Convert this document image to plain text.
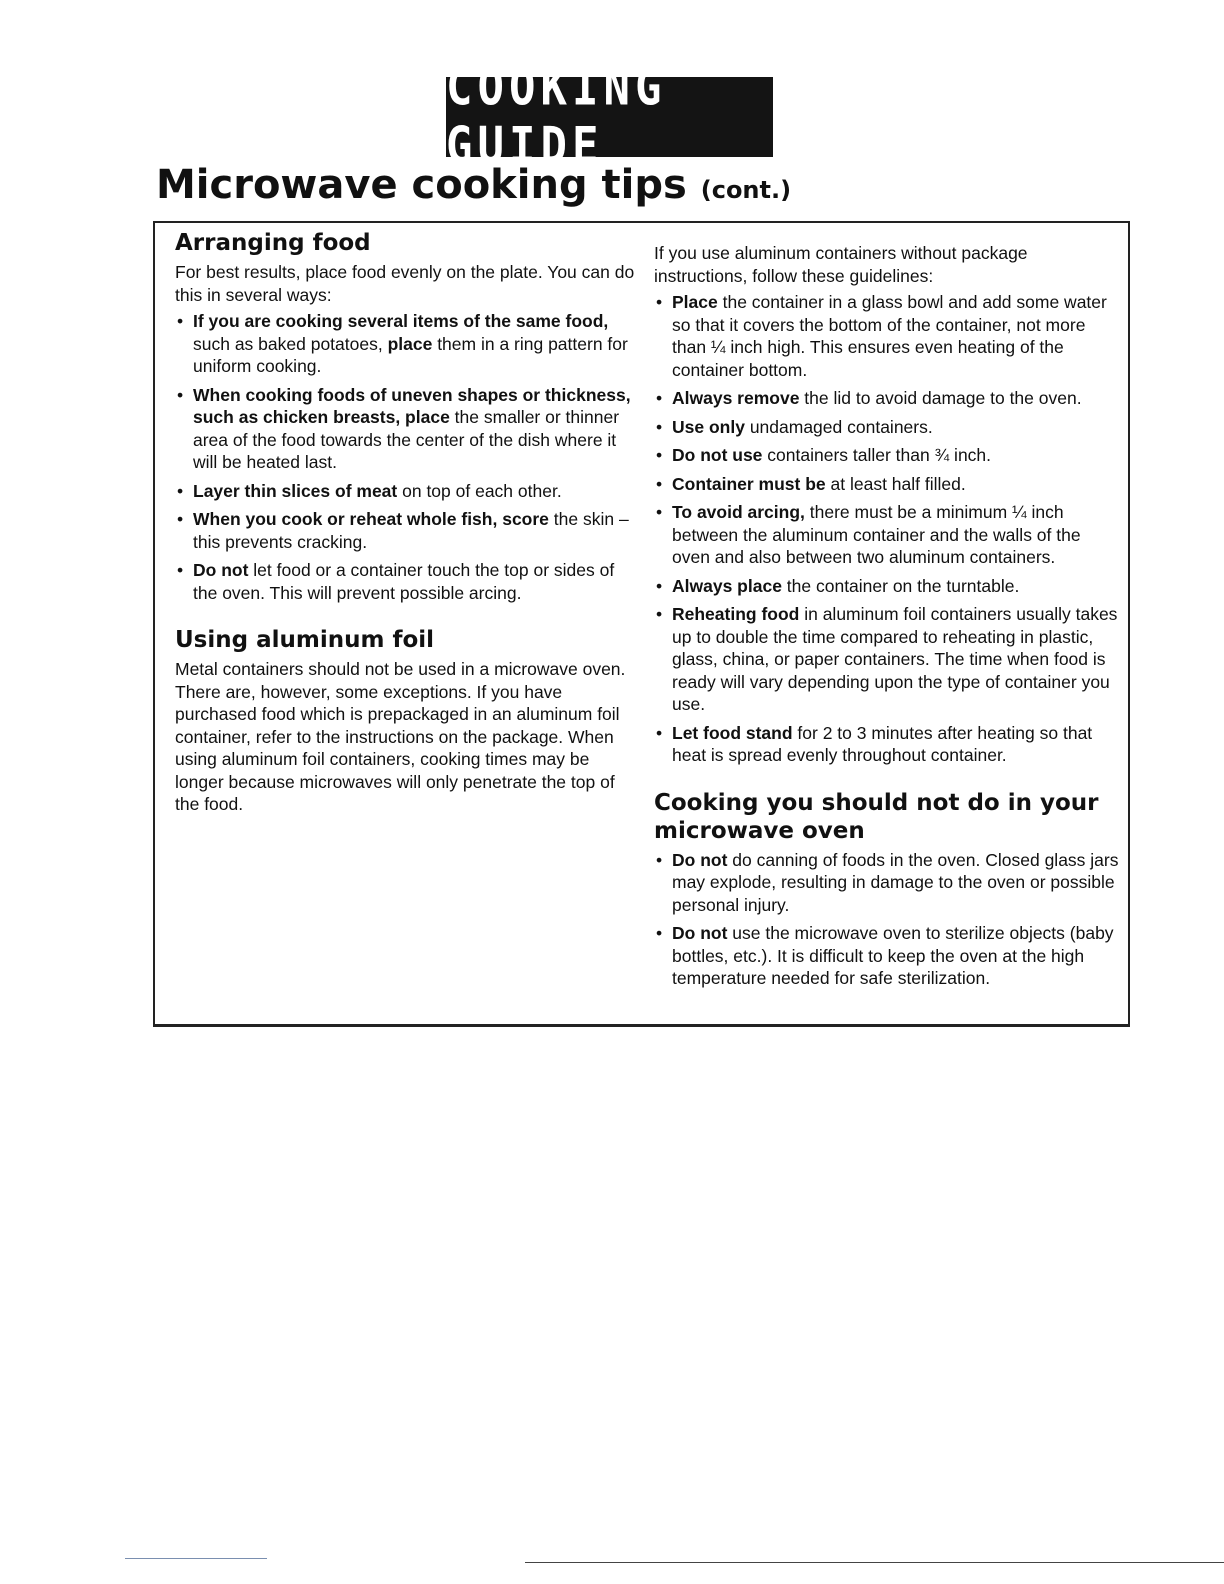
COOKING GUIDE
Microwave cooking tips (cont.)
Arranging food

For best results, place food evenly on the plate. You can do this in several ways:

• If you are cooking several items of the same food, such as baked potatoes, place them in a ring pattern for uniform cooking.
• When cooking foods of uneven shapes or thickness, such as chicken breasts, place the smaller or thinner area of the food towards the center of the dish where it will be heated last.
• Layer thin slices of meat on top of each other.
• When you cook or reheat whole fish, score the skin – this prevents cracking.
• Do not let food or a container touch the top or sides of the oven. This will prevent possible arcing.
Using aluminum foil

Metal containers should not be used in a microwave oven. There are, however, some exceptions. If you have purchased food which is prepackaged in an aluminum foil container, refer to the instructions on the package. When using aluminum foil containers, cooking times may be longer because microwaves will only penetrate the top of the food.

If you use aluminum containers without package instructions, follow these guidelines:

• Place the container in a glass bowl and add some water so that it covers the bottom of the container, not more than ¼ inch high. This ensures even heating of the container bottom.
• Always remove the lid to avoid damage to the oven.
• Use only undamaged containers.
• Do not use containers taller than ¾ inch.
• Container must be at least half filled.
• To avoid arcing, there must be a minimum ¼ inch between the aluminum container and the walls of the oven and also between two aluminum containers.
• Always place the container on the turntable.
• Reheating food in aluminum foil containers usually takes up to double the time compared to reheating in plastic, glass, china, or paper containers. The time when food is ready will vary depending upon the type of container you use.
• Let food stand for 2 to 3 minutes after heating so that heat is spread evenly throughout container.
Cooking you should not do in your microwave oven
• Do not do canning of foods in the oven. Closed glass jars may explode, resulting in damage to the oven or possible personal injury.
• Do not use the microwave oven to sterilize objects (baby bottles, etc.). It is difficult to keep the oven at the high temperature needed for safe sterilization.
